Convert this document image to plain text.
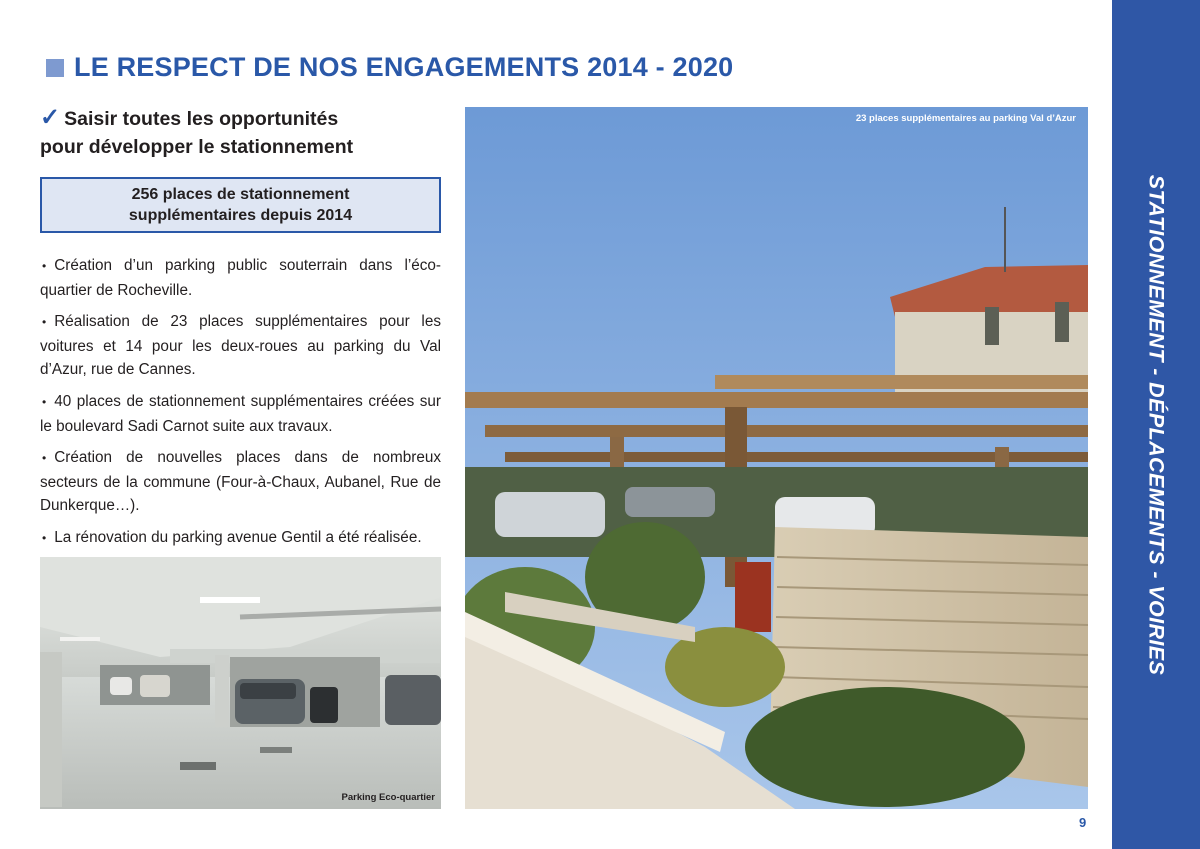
LE RESPECT DE NOS ENGAGEMENTS 2014 - 2020
✓ Saisir toutes les opportunités
pour développer le stationnement
256 places de stationnement
supplémentaires depuis 2014
• Création d’un parking public souterrain dans l’éco-quartier de Rocheville.
• Réalisation de 23 places supplémentaires pour les voitures et 14 pour les deux-roues au parking du Val d’Azur, rue de Cannes.
• 40 places de stationnement supplémentaires créées sur le boulevard Sadi Carnot suite aux travaux.
• Création de nouvelles places dans de nombreux secteurs de la commune (Four-à-Chaux, Aubanel, Rue de Dunkerque…).
• La rénovation du parking avenue Gentil a été réalisée.
Parking Eco-quartier
23 places supplémentaires au parking Val d’Azur
9
STATIONNEMENT - DÉPLACEMENTS - VOIRIES
